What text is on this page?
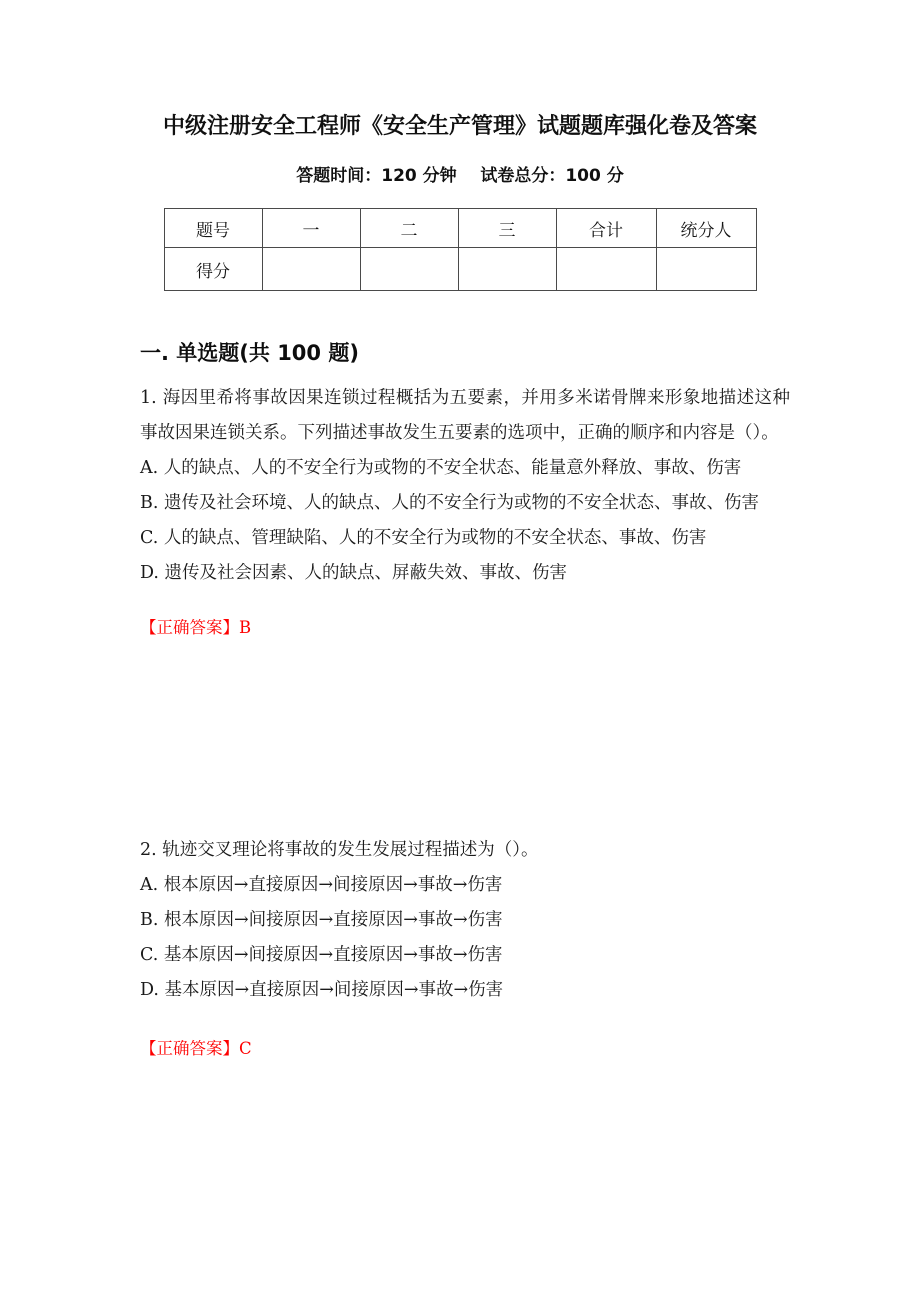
中级注册安全工程师《安全生产管理》试题题库强化卷及答案
答题时间：120 分钟    试卷总分：100 分
题号	一	二	三	合计	统分人
得分					
一. 单选题(共 100 题)

1. 海因里希将事故因果连锁过程概括为五要素，并用多米诺骨牌来形象地描述这种事故因果连锁关系。下列描述事故发生五要素的选项中，正确的顺序和内容是（）。

A. 人的缺点、人的不安全行为或物的不安全状态、能量意外释放、事故、伤害

B. 遗传及社会环境、人的缺点、人的不安全行为或物的不安全状态、事故、伤害

C. 人的缺点、管理缺陷、人的不安全行为或物的不安全状态、事故、伤害

D. 遗传及社会因素、人的缺点、屏蔽失效、事故、伤害

【正确答案】B

2. 轨迹交叉理论将事故的发生发展过程描述为（）。

A. 根本原因→直接原因→间接原因→事故→伤害

B. 根本原因→间接原因→直接原因→事故→伤害

C. 基本原因→间接原因→直接原因→事故→伤害

D. 基本原因→直接原因→间接原因→事故→伤害

【正确答案】C
